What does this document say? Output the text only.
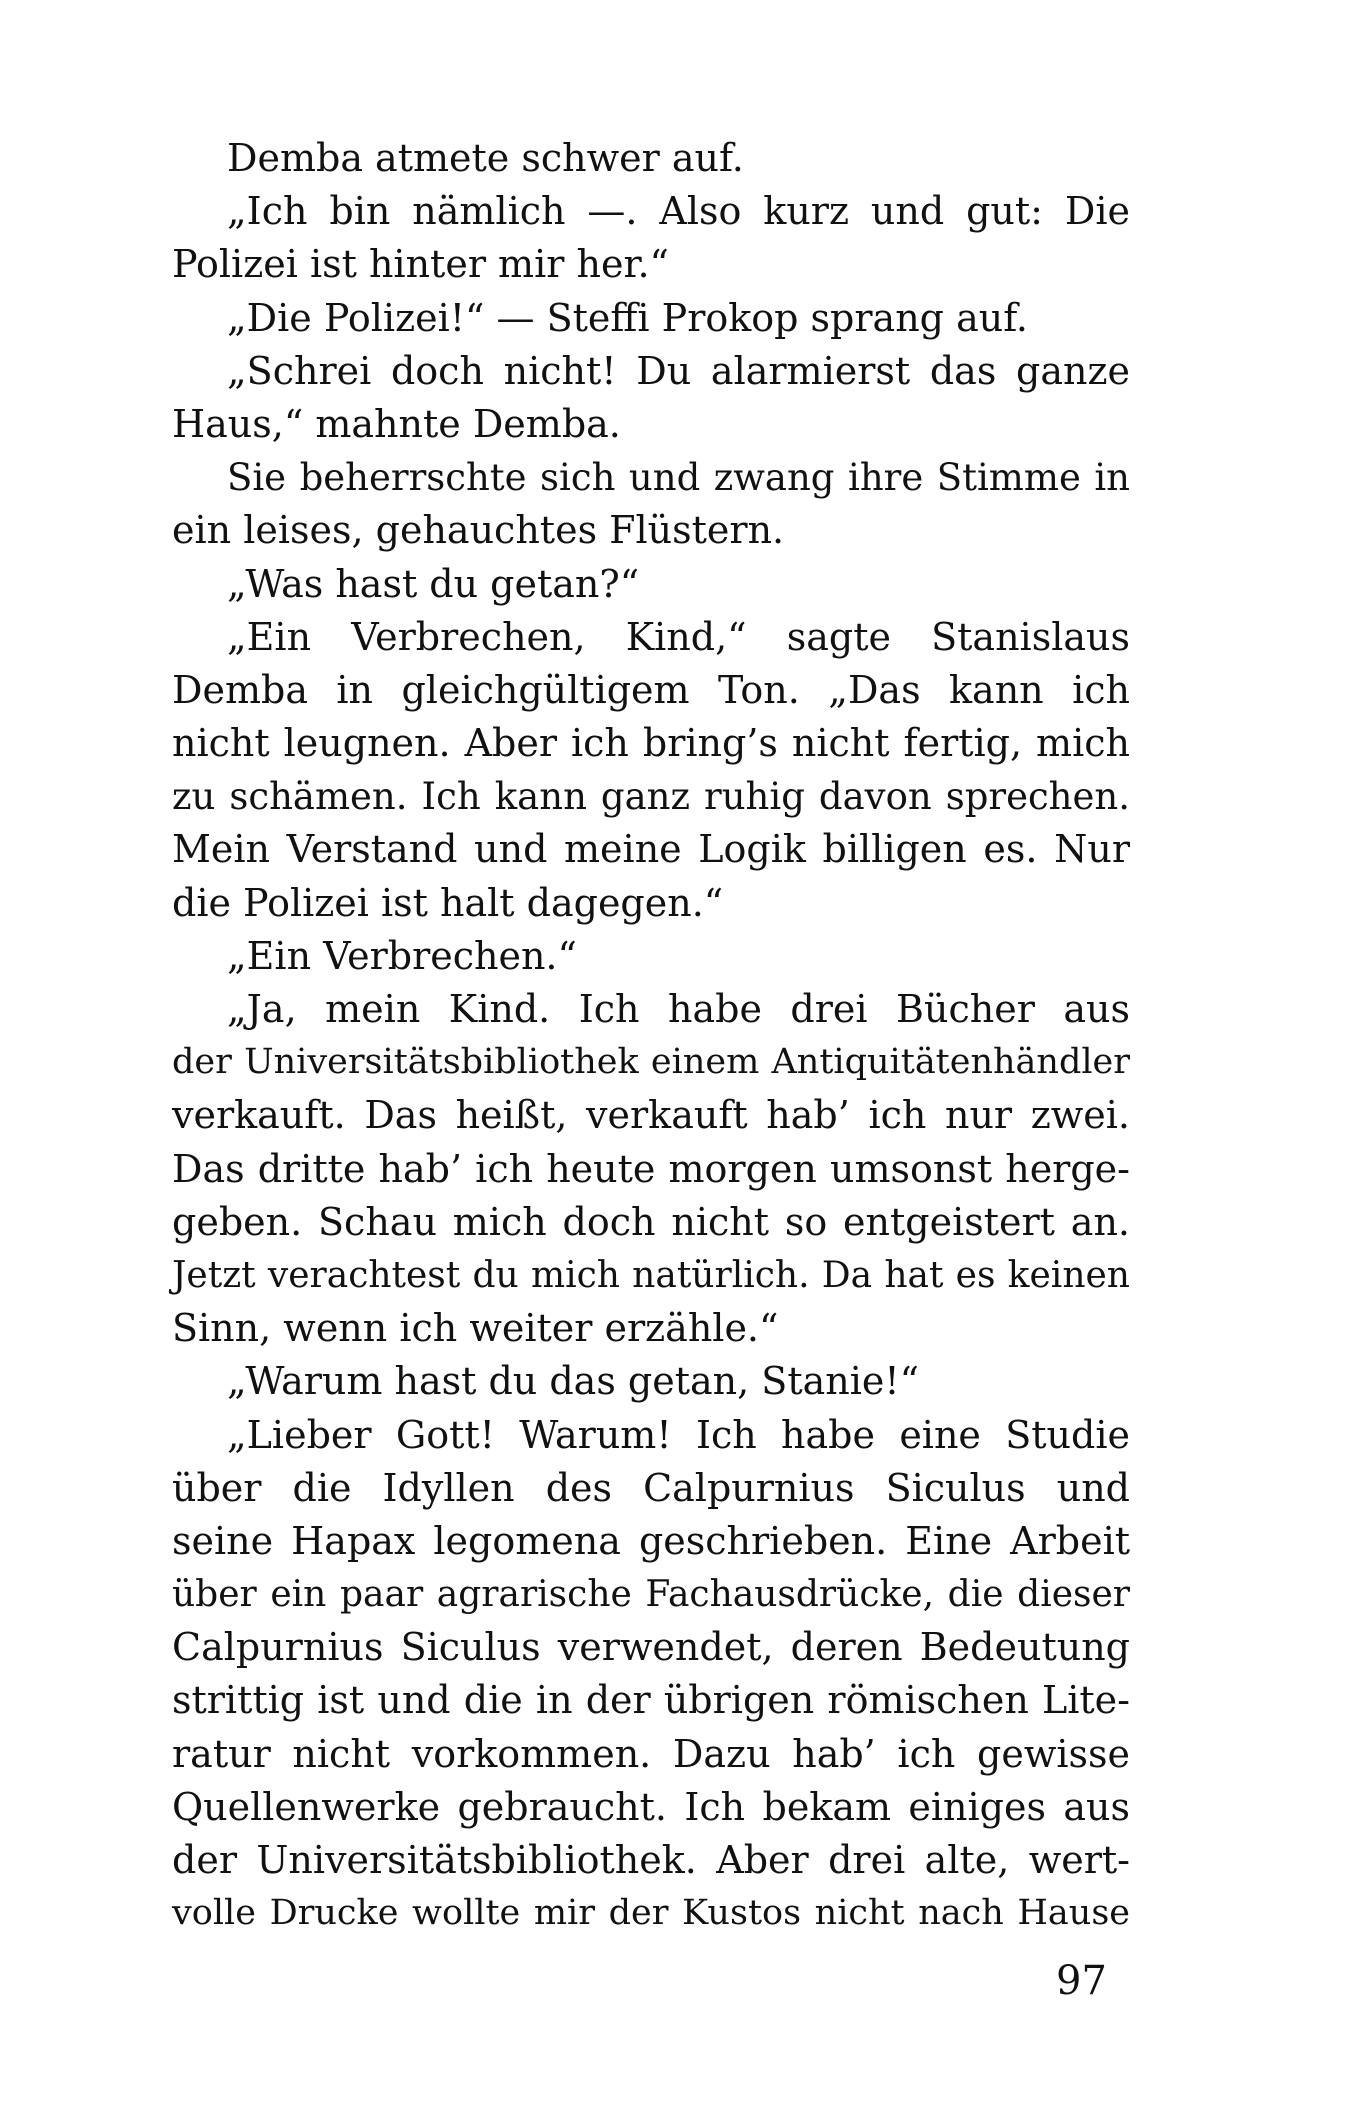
Demba atmete schwer auf.
„Ich bin nämlich —. Also kurz und gut: Die
Polizei ist hinter mir her.“
„Die Polizei!“ — Steffi Prokop sprang auf.
„Schrei doch nicht! Du alarmierst das ganze
Haus,“ mahnte Demba.
Sie beherrschte sich und zwang ihre Stimme in
ein leises, gehauchtes Flüstern.
„Was hast du getan?“
„Ein Verbrechen, Kind,“ sagte Stanislaus
Demba in gleichgültigem Ton. „Das kann ich
nicht leugnen. Aber ich bring’s nicht fertig, mich
zu schämen. Ich kann ganz ruhig davon sprechen.
Mein Verstand und meine Logik billigen es. Nur
die Polizei ist halt dagegen.“
„Ein Verbrechen.“
„Ja, mein Kind. Ich habe drei Bücher aus
der Universitätsbibliothek einem Antiquitätenhändler
verkauft. Das heißt, verkauft hab’ ich nur zwei.
Das dritte hab’ ich heute morgen umsonst herge-
geben. Schau mich doch nicht so entgeistert an.
Jetzt verachtest du mich natürlich. Da hat es keinen
Sinn, wenn ich weiter erzähle.“
„Warum hast du das getan, Stanie!“
„Lieber Gott! Warum! Ich habe eine Studie
über die Idyllen des Calpurnius Siculus und
seine Hapax legomena geschrieben. Eine Arbeit
über ein paar agrarische Fachausdrücke, die dieser
Calpurnius Siculus verwendet, deren Bedeutung
strittig ist und die in der übrigen römischen Lite-
ratur nicht vorkommen. Dazu hab’ ich gewisse
Quellenwerke gebraucht. Ich bekam einiges aus
der Universitätsbibliothek. Aber drei alte, wert-
volle Drucke wollte mir der Kustos nicht nach Hause
97
